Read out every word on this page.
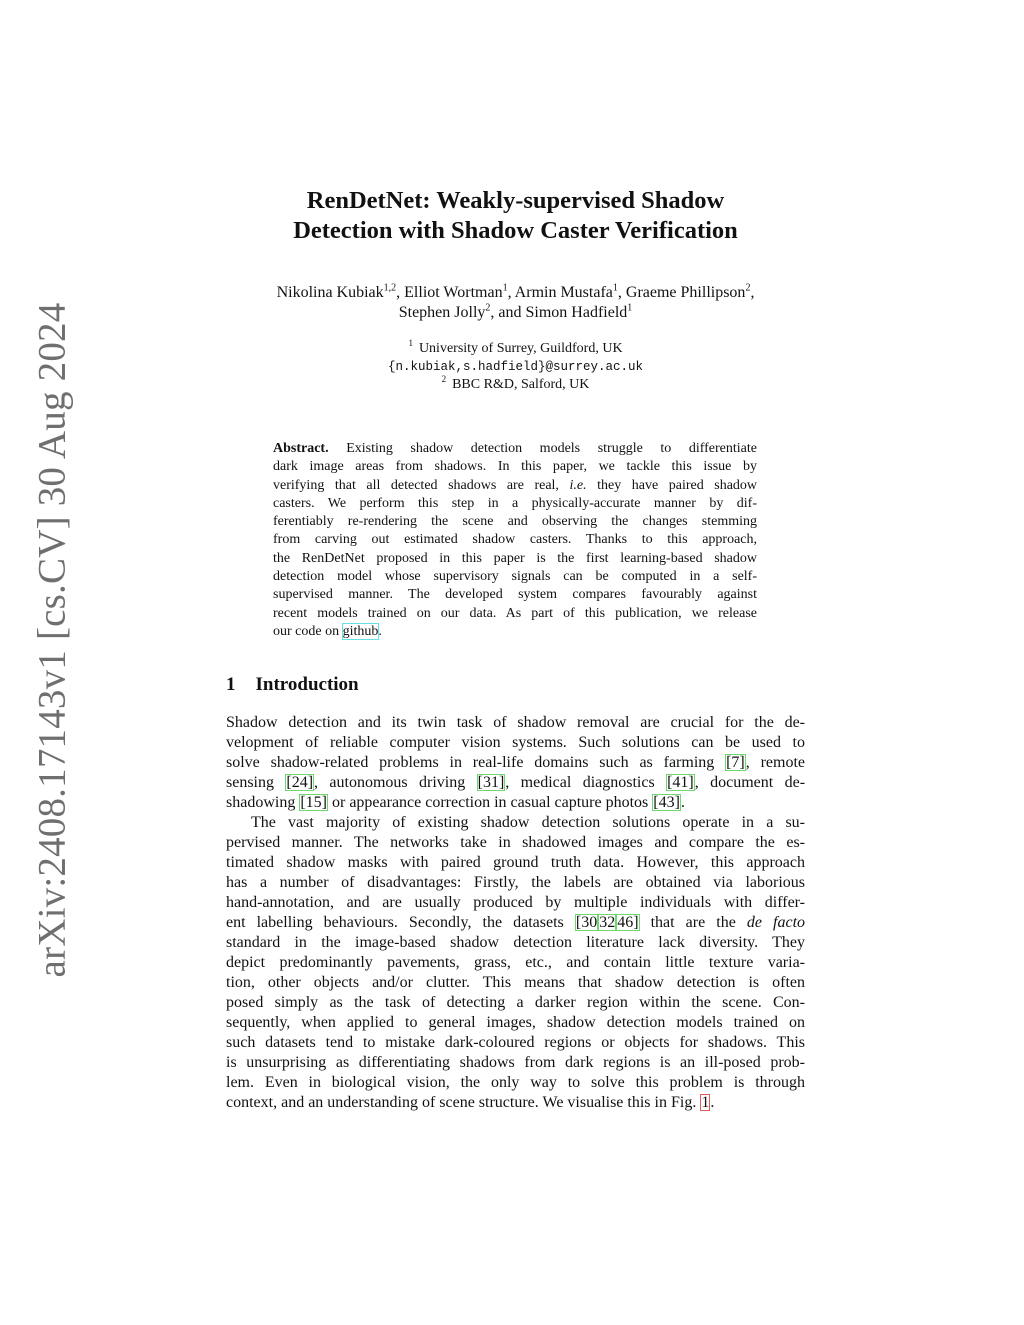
arXiv:2408.17143v1 [cs.CV] 30 Aug 2024
RenDetNet: Weakly-supervised Shadow
Detection with Shadow Caster Verification
Nikolina Kubiak$^{1,2}$, Elliot Wortman$^1$, Armin Mustafa$^1$, Graeme Phillipson$^2$,
Stephen Jolly$^2$, and Simon Hadfield$^1$
$^1$ University of Surrey, Guildford, UK
{n.kubiak,s.hadfield}@surrey.ac.uk
$^2$ BBC R&D, Salford, UK
Abstract. Existing shadow detection models struggle to differentiate
dark image areas from shadows. In this paper, we tackle this issue by
verifying that all detected shadows are real, i.e. they have paired shadow
casters. We perform this step in a physically-accurate manner by dif-
ferentiably re-rendering the scene and observing the changes stemming
from carving out estimated shadow casters. Thanks to this approach,
the RenDetNet proposed in this paper is the first learning-based shadow
detection model whose supervisory signals can be computed in a self-
supervised manner. The developed system compares favourably against
recent models trained on our data. As part of this publication, we release
our code on github.
1 Introduction
Shadow detection and its twin task of shadow removal are crucial for the de-
velopment of reliable computer vision systems. Such solutions can be used to
solve shadow-related problems in real-life domains such as farming [7], remote
sensing [24], autonomous driving [31], medical diagnostics [41], document de-
shadowing [15] or appearance correction in casual capture photos [43].
The vast majority of existing shadow detection solutions operate in a su-
pervised manner. The networks take in shadowed images and compare the es-
timated shadow masks with paired ground truth data. However, this approach
has a number of disadvantages: Firstly, the labels are obtained via laborious
hand-annotation, and are usually produced by multiple individuals with differ-
ent labelling behaviours. Secondly, the datasets [30 32 46] that are the de facto
standard in the image-based shadow detection literature lack diversity. They
depict predominantly pavements, grass, etc., and contain little texture varia-
tion, other objects and/or clutter. This means that shadow detection is often
posed simply as the task of detecting a darker region within the scene. Con-
sequently, when applied to general images, shadow detection models trained on
such datasets tend to mistake dark-coloured regions or objects for shadows. This
is unsurprising as differentiating shadows from dark regions is an ill-posed prob-
lem. Even in biological vision, the only way to solve this problem is through
context, and an understanding of scene structure. We visualise this in Fig. 1.
